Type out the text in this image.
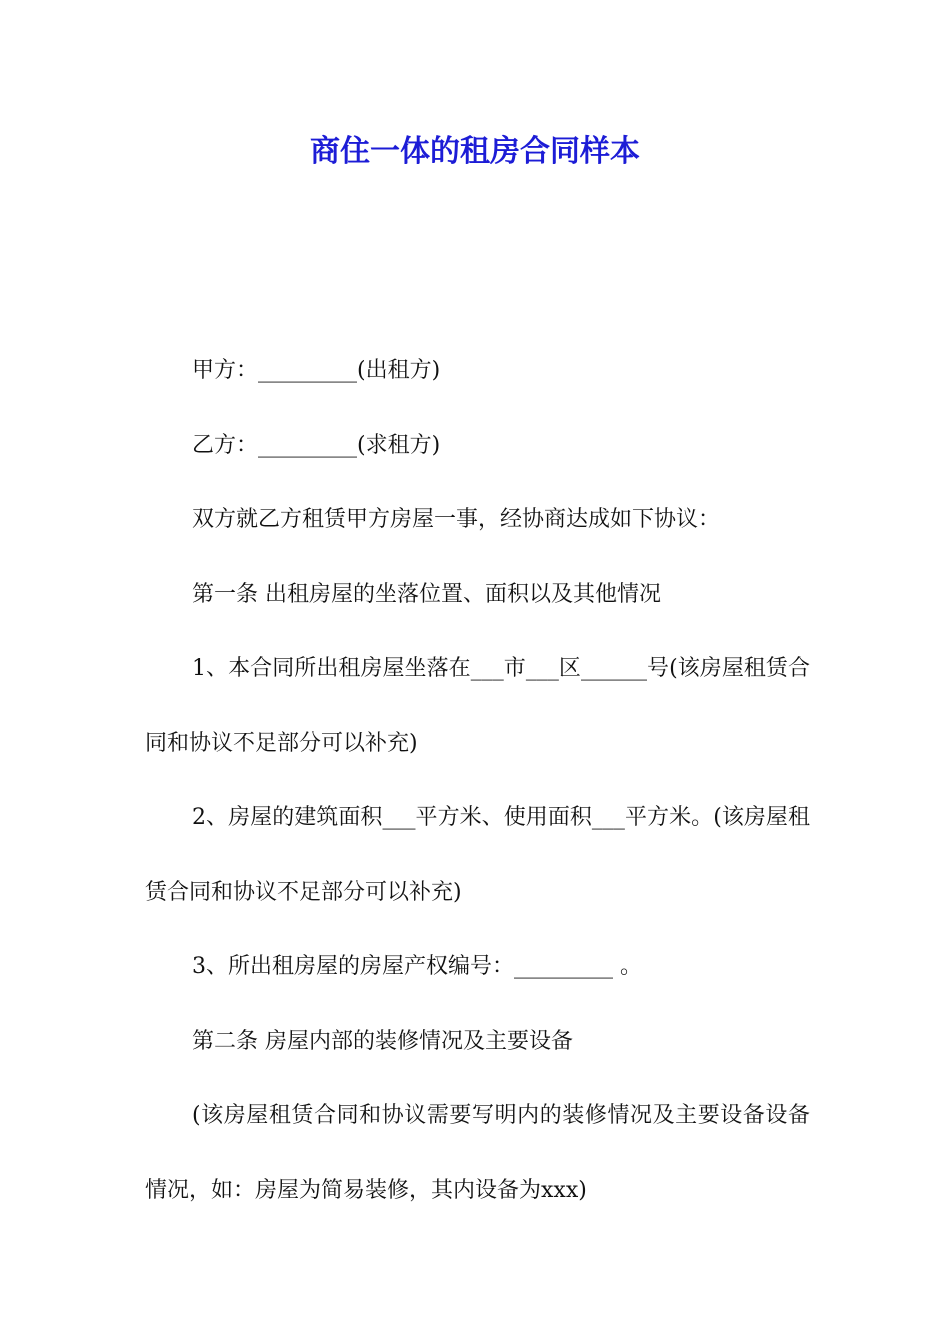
商住一体的租房合同样本

甲方：_________(出租方)

乙方：_________(求租方)

双方就乙方租赁甲方房屋一事，经协商达成如下协议：

第一条 出租房屋的坐落位置、面积以及其他情况

1、本合同所出租房屋坐落在___市___区______号(该房屋租赁合同和协议不足部分可以补充)

2、房屋的建筑面积___平方米、使用面积___平方米。(该房屋租赁合同和协议不足部分可以补充)

3、所出租房屋的房屋产权编号：_________ 。

第二条 房屋内部的装修情况及主要设备

(该房屋租赁合同和协议需要写明内的装修情况及主要设备设备情况，如：房屋为简易装修，其内设备为xxx)
